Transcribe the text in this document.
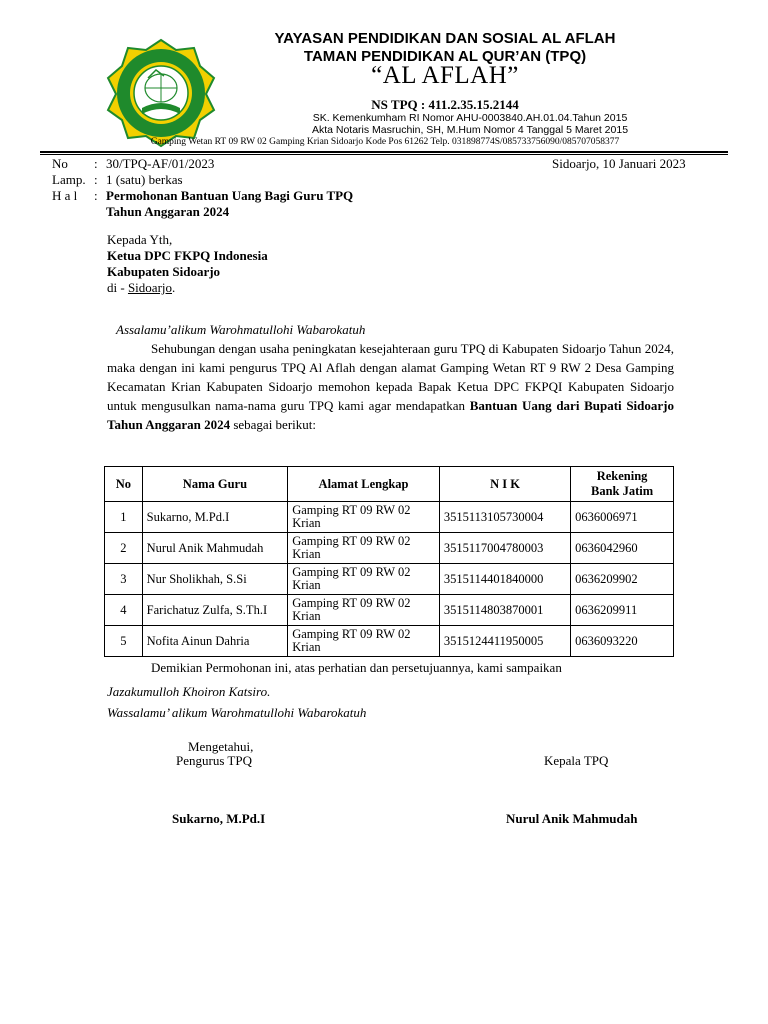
YAYASAN PENDIDIKAN DAN SOSIAL AL AFLAH
TAMAN PENDIDIKAN AL QUR’AN (TPQ)
“AL AFLAH”
NS TPQ : 411.2.35.15.2144
SK. Kemenkumham RI Nomor AHU-0003840.AH.01.04.Tahun 2015
Akta Notaris Masruchin, SH, M.Hum Nomor 4 Tanggal 5 Maret 2015
Gamping Wetan RT 09 RW 02 Gamping Krian Sidoarjo Kode Pos 61262 Telp. 031898774S/085733756090/085707058377
No	: 30/TPQ-AF/01/2023
Lamp. : 1 (satu) berkas
H a l	: Permohonan Bantuan Uang Bagi Guru TPQ
Tahun Anggaran 2024
Sidoarjo, 10 Januari 2023
Kepada Yth,
Ketua DPC FKPQ Indonesia
Kabupaten Sidoarjo
di - Sidoarjo.
Assalamu’alikum Warohmatullohi Wabarokatuh
Sehubungan dengan usaha peningkatan kesejahteraan guru TPQ di Kabupaten Sidoarjo Tahun 2024, maka dengan ini kami pengurus TPQ Al Aflah dengan alamat Gamping Wetan RT 9 RW 2 Desa Gamping Kecamatan Krian Kabupaten Sidoarjo memohon kepada Bapak Ketua DPC FKPQI Kabupaten Sidoarjo untuk mengusulkan nama-nama guru TPQ kami agar mendapatkan Bantuan Uang dari Bupati Sidoarjo Tahun Anggaran 2024 sebagai berikut:
No	Nama Guru	Alamat Lengkap	N I K	Rekening
Bank Jatim
1	Sukarno, M.Pd.I	Gamping RT 09 RW 02 Krian	3515113105730004	0636006971
2	Nurul Anik Mahmudah	Gamping RT 09 RW 02 Krian	3515117004780003	0636042960
3	Nur Sholikhah, S.Si	Gamping RT 09 RW 02 Krian	3515114401840000	0636209902
4	Farichatuz Zulfa, S.Th.I	Gamping RT 09 RW 02 Krian	3515114803870001	0636209911
5	Nofita Ainun Dahria	Gamping RT 09 RW 02 Krian	3515124411950005	0636093220
Demikian Permohonan ini, atas perhatian dan persetujuannya, kami sampaikan
Jazakumulloh Khoiron Katsiro.
Wassalamu’ alikum Warohmatullohi Wabarokatuh
Mengetahui,
Pengurus TPQ	Kepala TPQ
Sukarno, M.Pd.I	Nurul Anik Mahmudah
